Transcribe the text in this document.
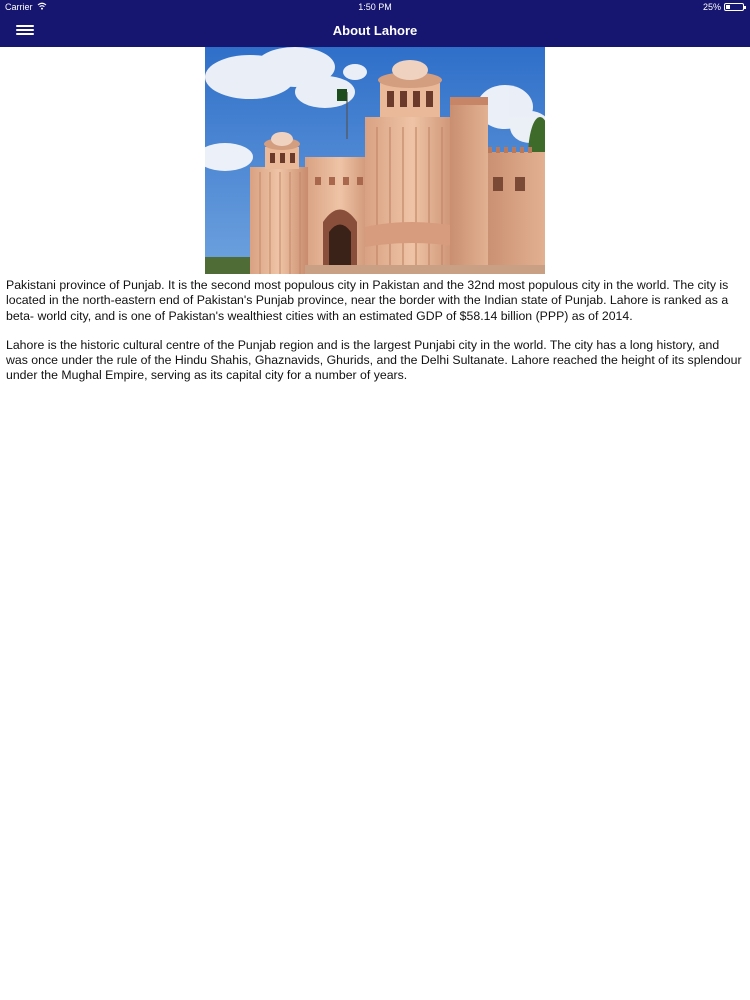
Carrier	1:50 PM	25%
About Lahore

Pakistani province of Punjab. It is the second most populous city in Pakistan and the 32nd most populous city in the world. The city is located in the north-eastern end of Pakistan's Punjab province, near the border with the Indian state of Punjab. Lahore is ranked as a beta- world city, and is one of Pakistan's wealthiest cities with an estimated GDP of $58.14 billion (PPP) as of 2014.

Lahore is the historic cultural centre of the Punjab region and is the largest Punjabi city in the world. The city has a long history, and was once under the rule of the Hindu Shahis, Ghaznavids, Ghurids, and the Delhi Sultanate. Lahore reached the height of its splendour under the Mughal Empire, serving as its capital city for a number of years.
